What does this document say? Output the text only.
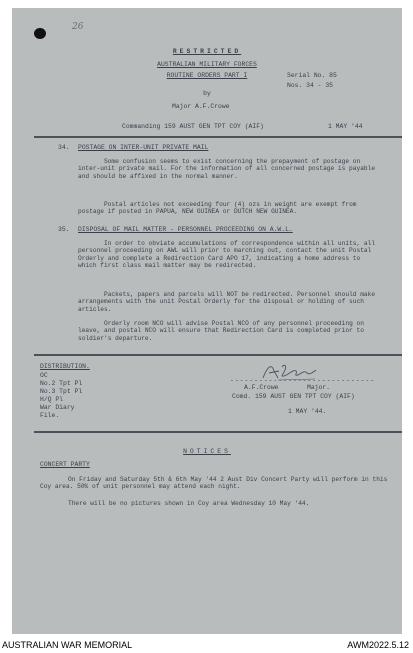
26
RESTRICTED
AUSTRALIAN MILITARY FORCES
ROUTINE ORDERS PART I	Serial No. 85
Nos. 34 - 35
by
Major A.F.Crowe
Commanding 159 AUST GEN TPT COY (AIF)	1 MAY '44
34. POSTAGE ON INTER-UNIT PRIVATE MAIL
Some confusion seems to exist concerning the prepayment of postage on inter-unit private mail. For the information of all concerned postage is payable and should be affixed in the normal manner.
Postal articles not exceeding four (4) ozs in weight are exempt from postage if posted in PAPUA, NEW GUINEA or DUTCH NEW GUINEA.
35. DISPOSAL OF MAIL MATTER - PERSONNEL PROCEEDING ON A.W.L.
In order to obviate accumulations of correspondence within all units, all personnel proceeding on AWL will prior to marching out, contact the unit Postal Orderly and complete a Redirection Card APO 17, indicating a home address to which first class mail matter may be redirected.
Packets, papers and parcels will NOT be redirected. Personnel should make arrangements with the unit Postal Orderly for the disposal or holding of such articles.
Orderly room NCO will advise Postal NCO of any personnel proceeding on leave, and postal NCO will ensure that Redirection Card is completed prior to soldier's departure.
DISTRIBUTION.
OC
No.2 Tpt Pl
No.3 Tpt Pl
H/Q Pl
War Diary
File.
------------------------------
A.F.Crowe	Major.
Comd. 159 AUST GEN TPT COY (AIF)
1 MAY '44.
NOTICES
CONCERT PARTY
On Friday and Saturday 5th & 6th May '44 2 Aust Div Concert Party will perform in this Coy area. 50% of unit personnel may attend each night.
There will be no pictures shown in Coy area Wednesday 10 May '44.
AUSTRALIAN WAR MEMORIAL	AWM2022.5.12
